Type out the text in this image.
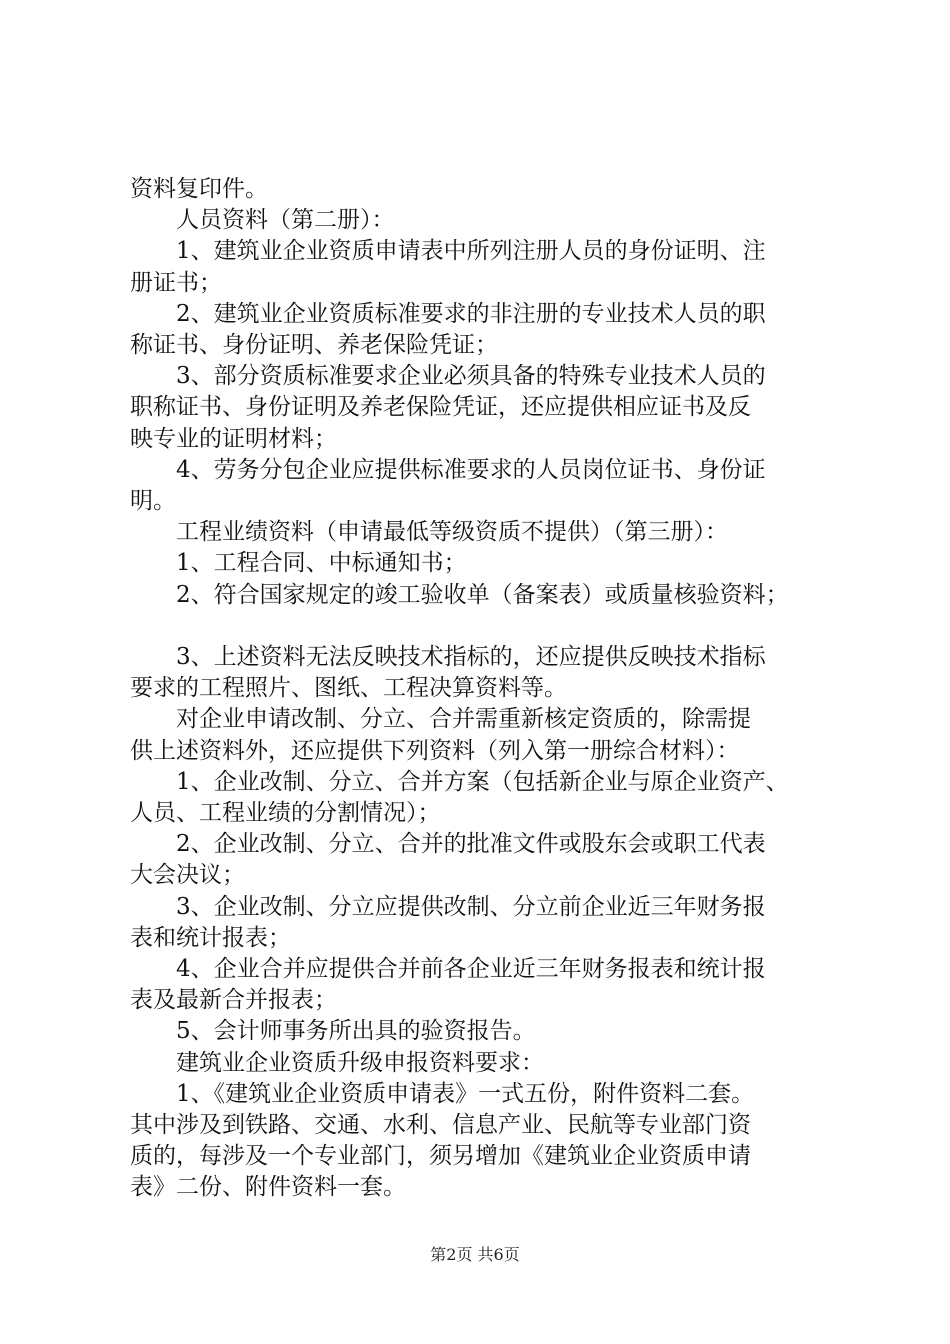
资料复印件。
　　人员资料（第二册）：
　　1、建筑业企业资质申请表中所列注册人员的身份证明、注
册证书；
　　2、建筑业企业资质标准要求的非注册的专业技术人员的职
称证书、身份证明、养老保险凭证；
　　3、部分资质标准要求企业必须具备的特殊专业技术人员的
职称证书、身份证明及养老保险凭证，还应提供相应证书及反
映专业的证明材料；
　　4、劳务分包企业应提供标准要求的人员岗位证书、身份证
明。
　　工程业绩资料（申请最低等级资质不提供）（第三册）：
　　1、工程合同、中标通知书；
　　2、符合国家规定的竣工验收单（备案表）或质量核验资料；
　　3、上述资料无法反映技术指标的，还应提供反映技术指标
要求的工程照片、图纸、工程决算资料等。
　　对企业申请改制、分立、合并需重新核定资质的，除需提
供上述资料外，还应提供下列资料（列入第一册综合材料）：
　　1、企业改制、分立、合并方案（包括新企业与原企业资产、
人员、工程业绩的分割情况）；
　　2、企业改制、分立、合并的批准文件或股东会或职工代表
大会决议；
　　3、企业改制、分立应提供改制、分立前企业近三年财务报
表和统计报表；
　　4、企业合并应提供合并前各企业近三年财务报表和统计报
表及最新合并报表；
　　5、会计师事务所出具的验资报告。
　　建筑业企业资质升级申报资料要求：
　　1、《建筑业企业资质申请表》一式五份，附件资料二套。
其中涉及到铁路、交通、水利、信息产业、民航等专业部门资
质的，每涉及一个专业部门，须另增加《建筑业企业资质申请
表》二份、附件资料一套。
第2页 共6页
